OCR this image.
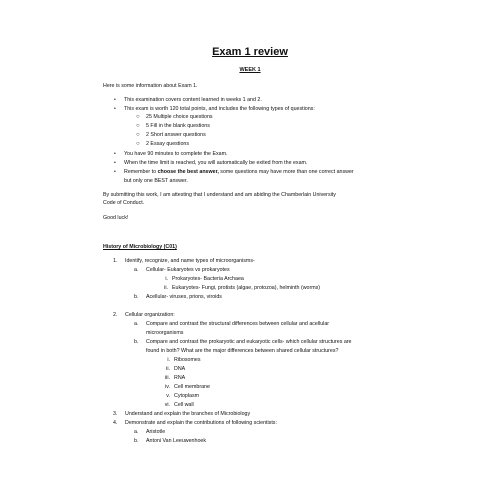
Exam 1 review
WEEK 1
Here is some information about Exam 1.
• This examination covers content learned in weeks 1 and 2.
• This exam is worth 120 total points, and includes the following types of questions:
○ 25 Multiple choice questions
○ 5 Fill in the blank questions
○ 2 Short answer questions
○ 2 Essay questions
• You have 90 minutes to complete the Exam.
• When the time limit is reached, you will automatically be exited from the exam.
• Remember to choose the best answer, some questions may have more than one correct answer
but only one BEST answer.
By submitting this work, I am attesting that I understand and am abiding the Chamberlain University
Code of Conduct.
Good luck!
History of Microbiology (C01)
1. Identify, recognize, and name types of microorganisms-
a. Cellular- Eukaryotes vs prokaryotes
i. Prokaryotes- Bacteria Archaea
ii. Eukaryotes- Fungi, protists (algae, protozoa), helminth (worms)
b. Acellular- viruses, prions, viroids
2. Cellular organization:
a. Compare and contrast the structural differences between cellular and acellular
microorganisms
b. Compare and contrast the prokaryotic and eukaryotic cells- which cellular structures are
found in both? What are the major differences between shared cellular structures?
i. Ribosomes
ii. DNA
iii. RNA
iv. Cell membrane
v. Cytoplasm
vi. Cell wall
3. Understand and explain the branches of Microbiology
4. Demonstrate and explain the contributions of following scientists:
a. Aristotle
b. Antoni Van Leeuwenhoek
